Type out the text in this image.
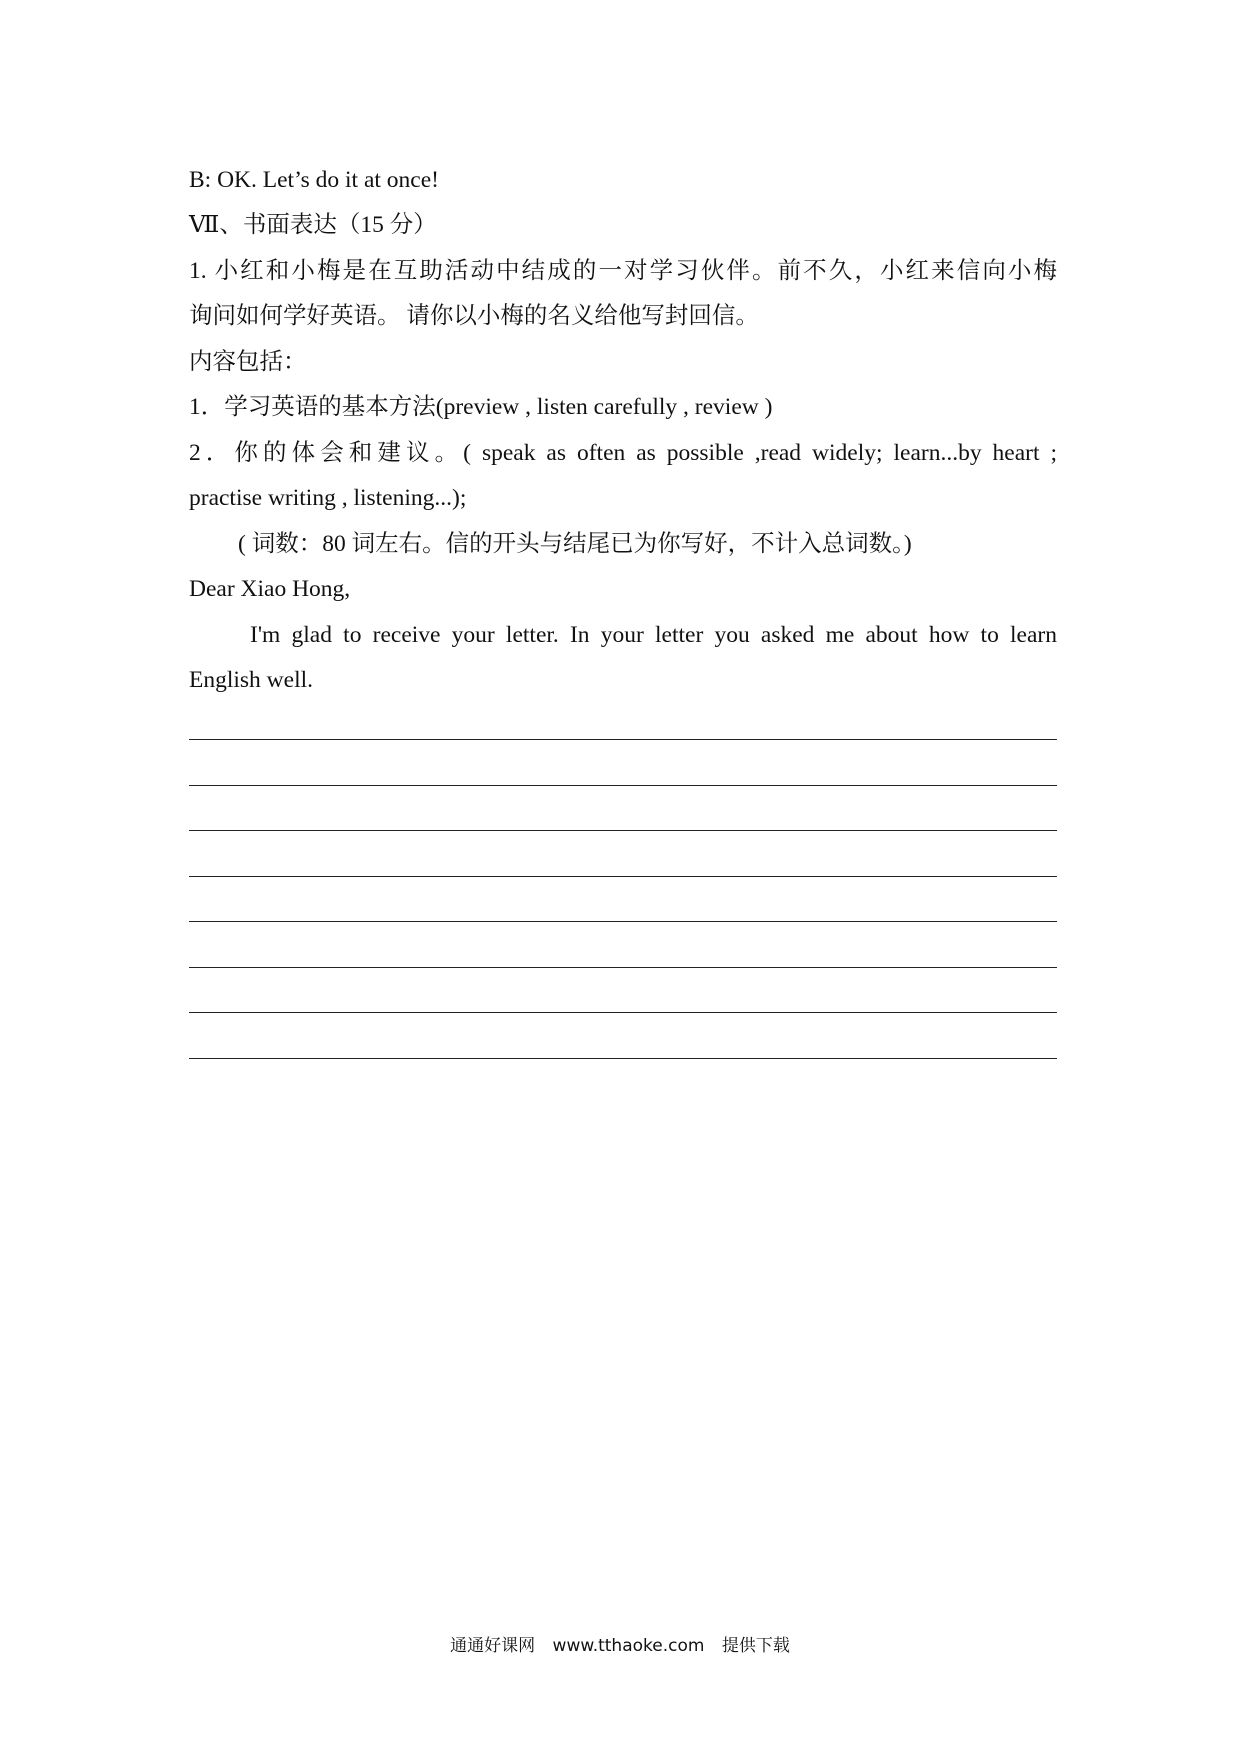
B: OK. Let’s do it at once!
Ⅶ、书面表达（15 分）
1. 小红和小梅是在互助活动中结成的一对学习伙伴。前不久，小红来信向小梅
询问如何学好英语。 请你以小梅的名义给他写封回信。
内容包括：
1．学习英语的基本方法(preview , listen carefully , review )
2．你的体会和建议。( speak as often as possible ,read widely; learn...by heart ;
practise writing , listening...);
( 词数：80 词左右。信的开头与结尾已为你写好，不计入总词数。)
Dear Xiao Hong,
I'm glad to receive your letter. In your letter you asked me about how to learn
English well.
通通好课网 www.tthaoke.com 提供下载
